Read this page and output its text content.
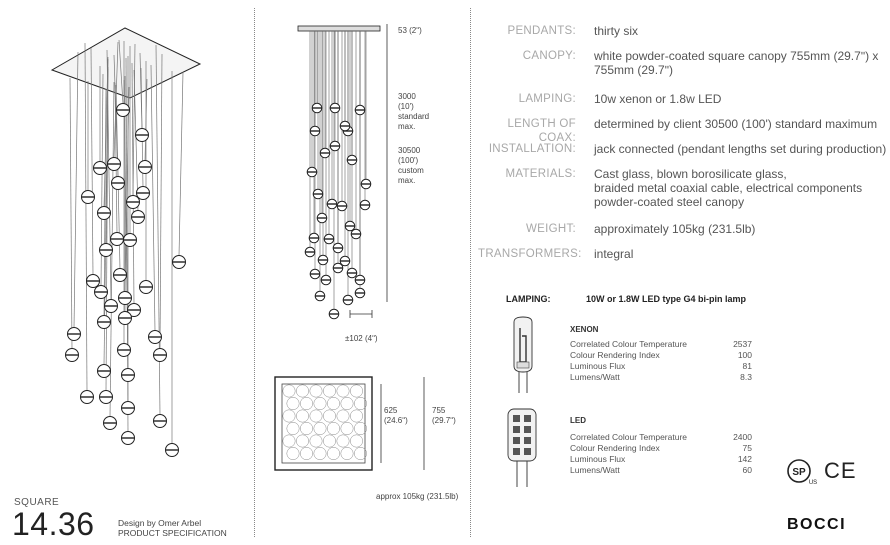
SQUARE
14.36	Design by Omer Arbel
PRODUCT SPECIFICATION
53 (2ʺ)
3000
(10')
standard
max.
30500
(100')
custom
max.
±102 (4ʺ)
625
(24.6ʺ)
755
(29.7ʺ)
approx 105kg (231.5lb)
PENDANTS:	thirty six
CANOPY:	white powder-coated square canopy 755mm (29.7ʺ) x
755mm (29.7ʺ)
LAMPING:	10w xenon or 1.8w LED
LENGTH OF COAX:
determined by client 30500 (100') standard maximum
INSTALLATION:	jack connected (pendant lengths set during production)
MATERIALS:	Cast glass, blown borosilicate glass,
braided metal coaxial cable, electrical components
powder-coated steel canopy
WEIGHT:	approximately 105kg (231.5lb)
TRANSFORMERS:	integral
LAMPING:	10W or 1.8W LED type G4 bi-pin lamp
XENON
Correlated Colour Temperature	2537
Colour Rendering Index	100
Luminous Flux	81
Lumens/Watt	8.3
LED
Correlated Colour Temperature	2400
Colour Rendering Index	75
Luminous Flux	142
Lumens/Watt	60	SP
US CE
BOCCI
